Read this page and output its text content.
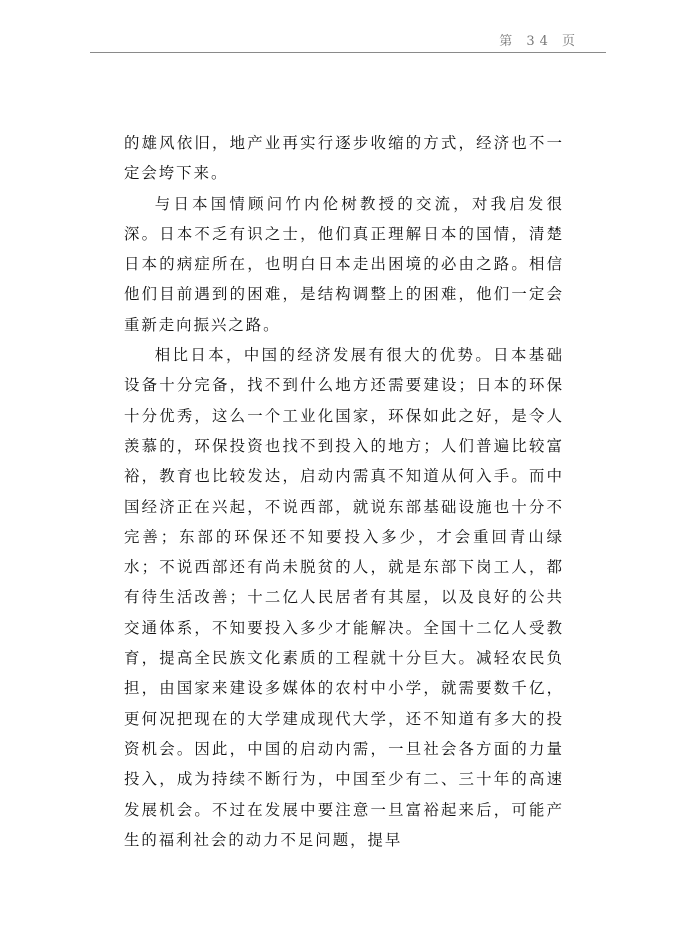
第 34 页

的雄风依旧，地产业再实行逐步收缩的方式，经济也不一定会垮下来。

与日本国情顾问竹内伦树教授的交流，对我启发很深。日本不乏有识之士，他们真正理解日本的国情，清楚日本的病症所在，也明白日本走出困境的必由之路。相信他们目前遇到的困难，是结构调整上的困难，他们一定会重新走向振兴之路。

相比日本，中国的经济发展有很大的优势。日本基础设备十分完备，找不到什么地方还需要建设；日本的环保十分优秀，这么一个工业化国家，环保如此之好，是令人羡慕的，环保投资也找不到投入的地方；人们普遍比较富裕，教育也比较发达，启动内需真不知道从何入手。而中国经济正在兴起，不说西部，就说东部基础设施也十分不完善；东部的环保还不知要投入多少，才会重回青山绿水；不说西部还有尚未脱贫的人，就是东部下岗工人，都有待生活改善；十二亿人民居者有其屋，以及良好的公共交通体系，不知要投入多少才能解决。全国十二亿人受教育，提高全民族文化素质的工程就十分巨大。减轻农民负担，由国家来建设多媒体的农村中小学，就需要数千亿，更何况把现在的大学建成现代大学，还不知道有多大的投资机会。因此，中国的启动内需，一旦社会各方面的力量投入，成为持续不断行为，中国至少有二、三十年的高速发展机会。不过在发展中要注意一旦富裕起来后，可能产生的福利社会的动力不足问题，提早
